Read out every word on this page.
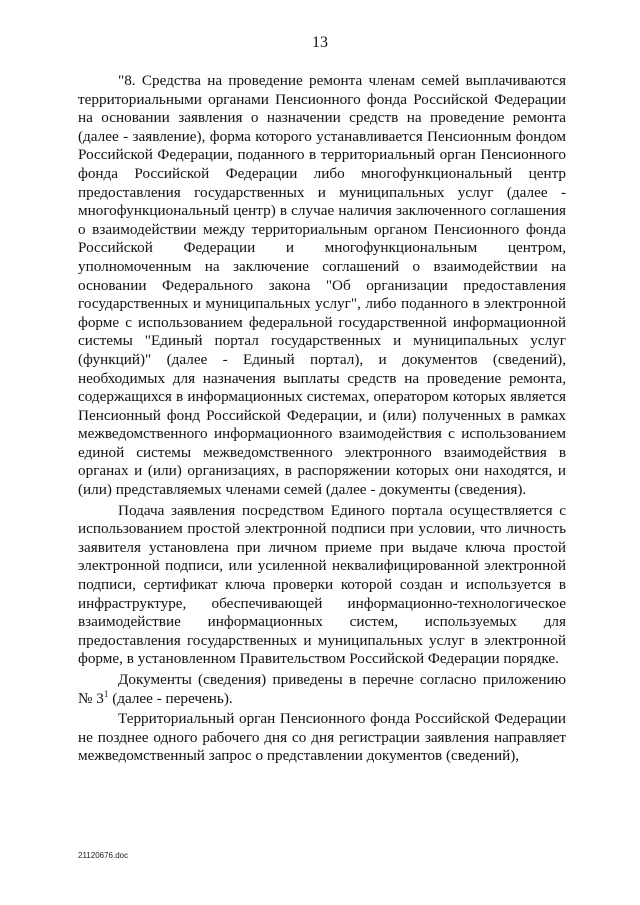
13

"8. Средства на проведение ремонта членам семей выплачиваются территориальными органами Пенсионного фонда Российской Федерации на основании заявления о назначении средств на проведение ремонта (далее - заявление), форма которого устанавливается Пенсионным фондом Российской Федерации, поданного в территориальный орган Пенсионного фонда Российской Федерации либо многофункциональный центр предоставления государственных и муниципальных услуг (далее - многофункциональный центр) в случае наличия заключенного соглашения о взаимодействии между территориальным органом Пенсионного фонда Российской Федерации и многофункциональным центром, уполномоченным на заключение соглашений о взаимодействии на основании Федерального закона "Об организации предоставления государственных и муниципальных услуг", либо поданного в электронной форме с использованием федеральной государственной информационной системы "Единый портал государственных и муниципальных услуг (функций)" (далее - Единый портал), и документов (сведений), необходимых для назначения выплаты средств на проведение ремонта, содержащихся в информационных системах, оператором которых является Пенсионный фонд Российской Федерации, и (или) полученных в рамках межведомственного информационного взаимодействия с использованием единой системы межведомственного электронного взаимодействия в органах и (или) организациях, в распоряжении которых они находятся, и (или) представляемых членами семей (далее - документы (сведения).

Подача заявления посредством Единого портала осуществляется с использованием простой электронной подписи при условии, что личность заявителя установлена при личном приеме при выдаче ключа простой электронной подписи, или усиленной неквалифицированной электронной подписи, сертификат ключа проверки которой создан и используется в инфраструктуре, обеспечивающей информационно-технологическое взаимодействие информационных систем, используемых для предоставления государственных и муниципальных услуг в электронной форме, в установленном Правительством Российской Федерации порядке.

Документы (сведения) приведены в перечне согласно приложению № $3^1$ (далее - перечень).

Территориальный орган Пенсионного фонда Российской Федерации не позднее одного рабочего дня со дня регистрации заявления направляет межведомственный запрос о представлении документов (сведений),

21120676.doc
